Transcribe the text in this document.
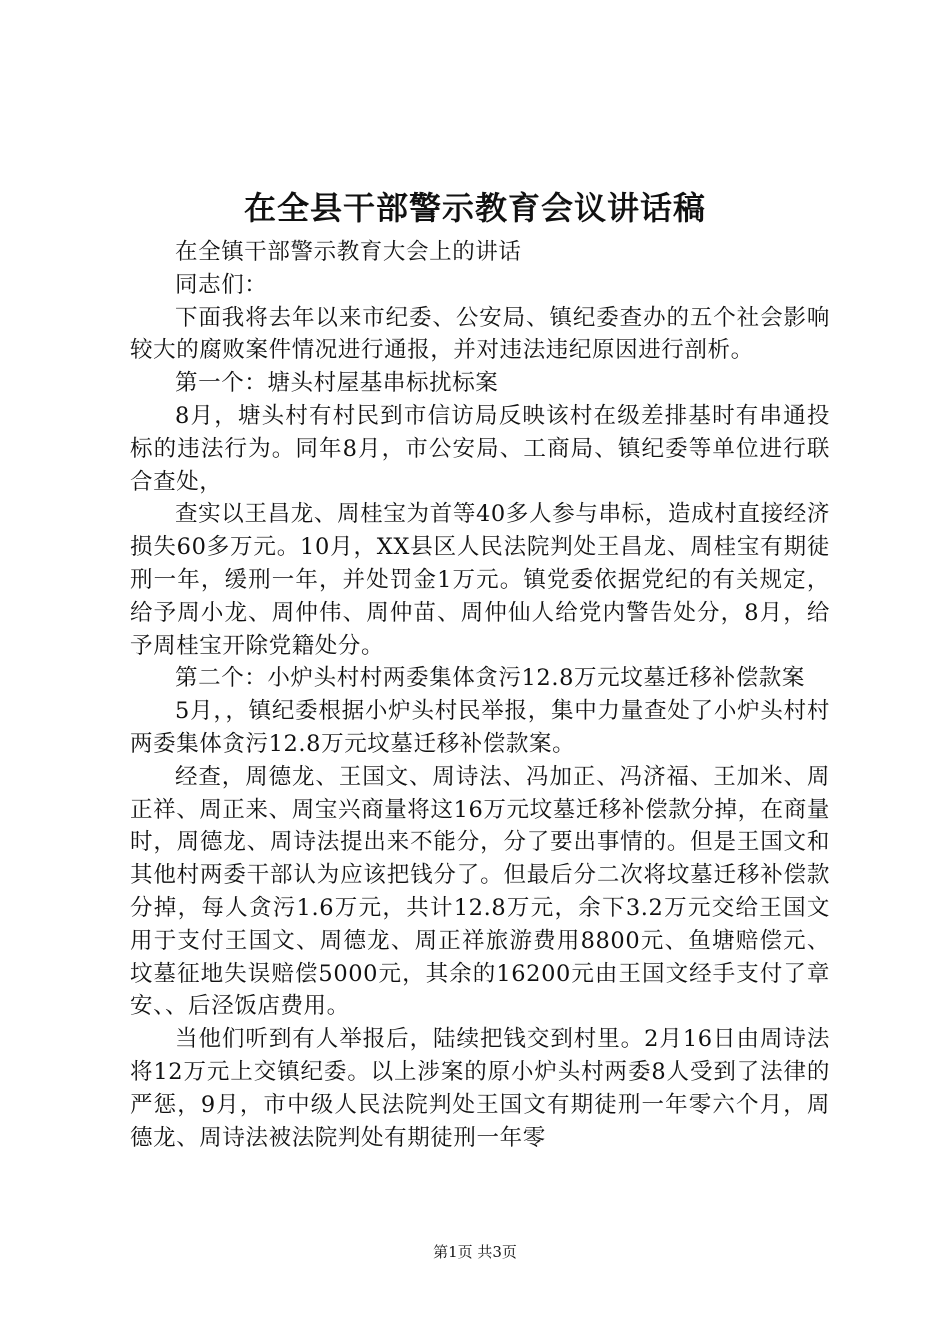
在全县干部警示教育会议讲话稿

在全镇干部警示教育大会上的讲话

同志们：

下面我将去年以来市纪委、公安局、镇纪委查办的五个社会影响较大的腐败案件情况进行通报，并对违法违纪原因进行剖析。

第一个：塘头村屋基串标扰标案

8月，塘头村有村民到市信访局反映该村在级差排基时有串通投标的违法行为。同年8月，市公安局、工商局、镇纪委等单位进行联合查处，

查实以王昌龙、周桂宝为首等40多人参与串标，造成村直接经济损失60多万元。10月，XX县区人民法院判处王昌龙、周桂宝有期徒刑一年，缓刑一年，并处罚金1万元。镇党委依据党纪的有关规定，给予周小龙、周仲伟、周仲苗、周仲仙人给党内警告处分，8月，给予周桂宝开除党籍处分。

第二个：小炉头村村两委集体贪污12.8万元坟墓迁移补偿款案

5月，，镇纪委根据小炉头村民举报，集中力量查处了小炉头村村两委集体贪污12.8万元坟墓迁移补偿款案。

经查，周德龙、王国文、周诗法、冯加正、冯济福、王加米、周正祥、周正来、周宝兴商量将这16万元坟墓迁移补偿款分掉，在商量时，周德龙、周诗法提出来不能分，分了要出事情的。但是王国文和其他村两委干部认为应该把钱分了。但最后分二次将坟墓迁移补偿款分掉，每人贪污1.6万元，共计12.8万元，余下3.2万元交给王国文用于支付王国文、周德龙、周正祥旅游费用8800元、鱼塘赔偿元、坟墓征地失误赔偿5000元，其余的16200元由王国文经手支付了章安、、后泾饭店费用。

当他们听到有人举报后，陆续把钱交到村里。2月16日由周诗法将12万元上交镇纪委。以上涉案的原小炉头村两委8人受到了法律的严惩，9月，市中级人民法院判处王国文有期徒刑一年零六个月，周德龙、周诗法被法院判处有期徒刑一年零

第1页 共3页
